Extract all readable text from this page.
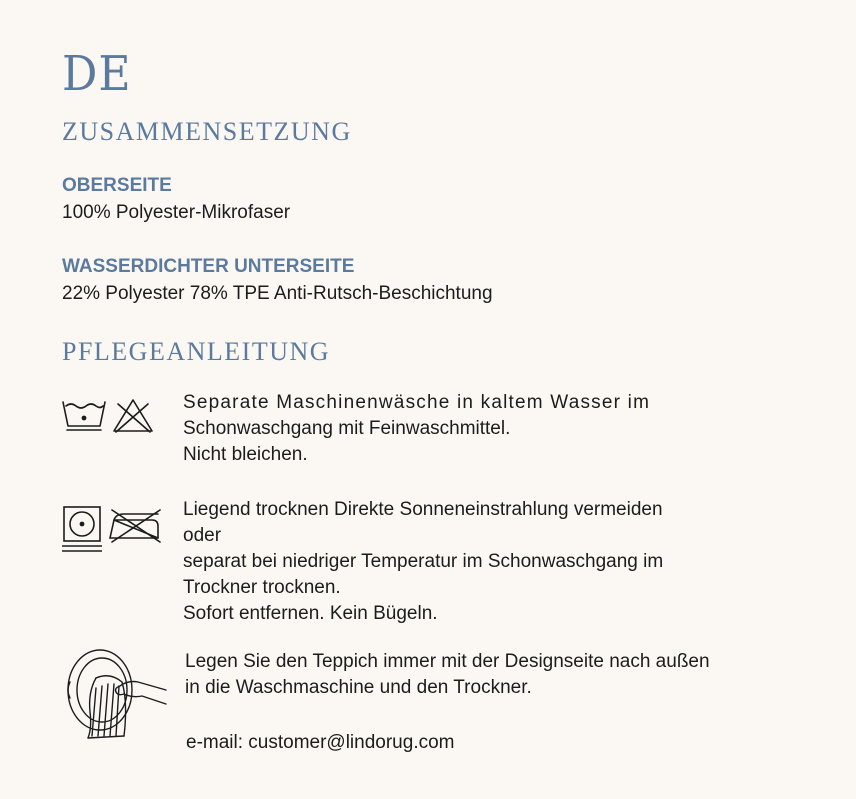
DE
ZUSAMMENSETZUNG
OBERSEITE
100% Polyester-Mikrofaser
WASSERDICHTER UNTERSEITE
22% Polyester 78% TPE Anti-Rutsch-Beschichtung
PFLEGEANLEITUNG
Separate Maschinenwäsche in kaltem Wasser im
Schonwaschgang mit Feinwaschmittel.
Nicht bleichen.
Liegend trocknen Direkte Sonneneinstrahlung vermeiden
oder
separat bei niedriger Temperatur im Schonwaschgang im
Trockner trocknen.
Sofort entfernen. Kein Bügeln.
Legen Sie den Teppich immer mit der Designseite nach außen
in die Waschmaschine und den Trockner.
e-mail: customer@lindorug.com
